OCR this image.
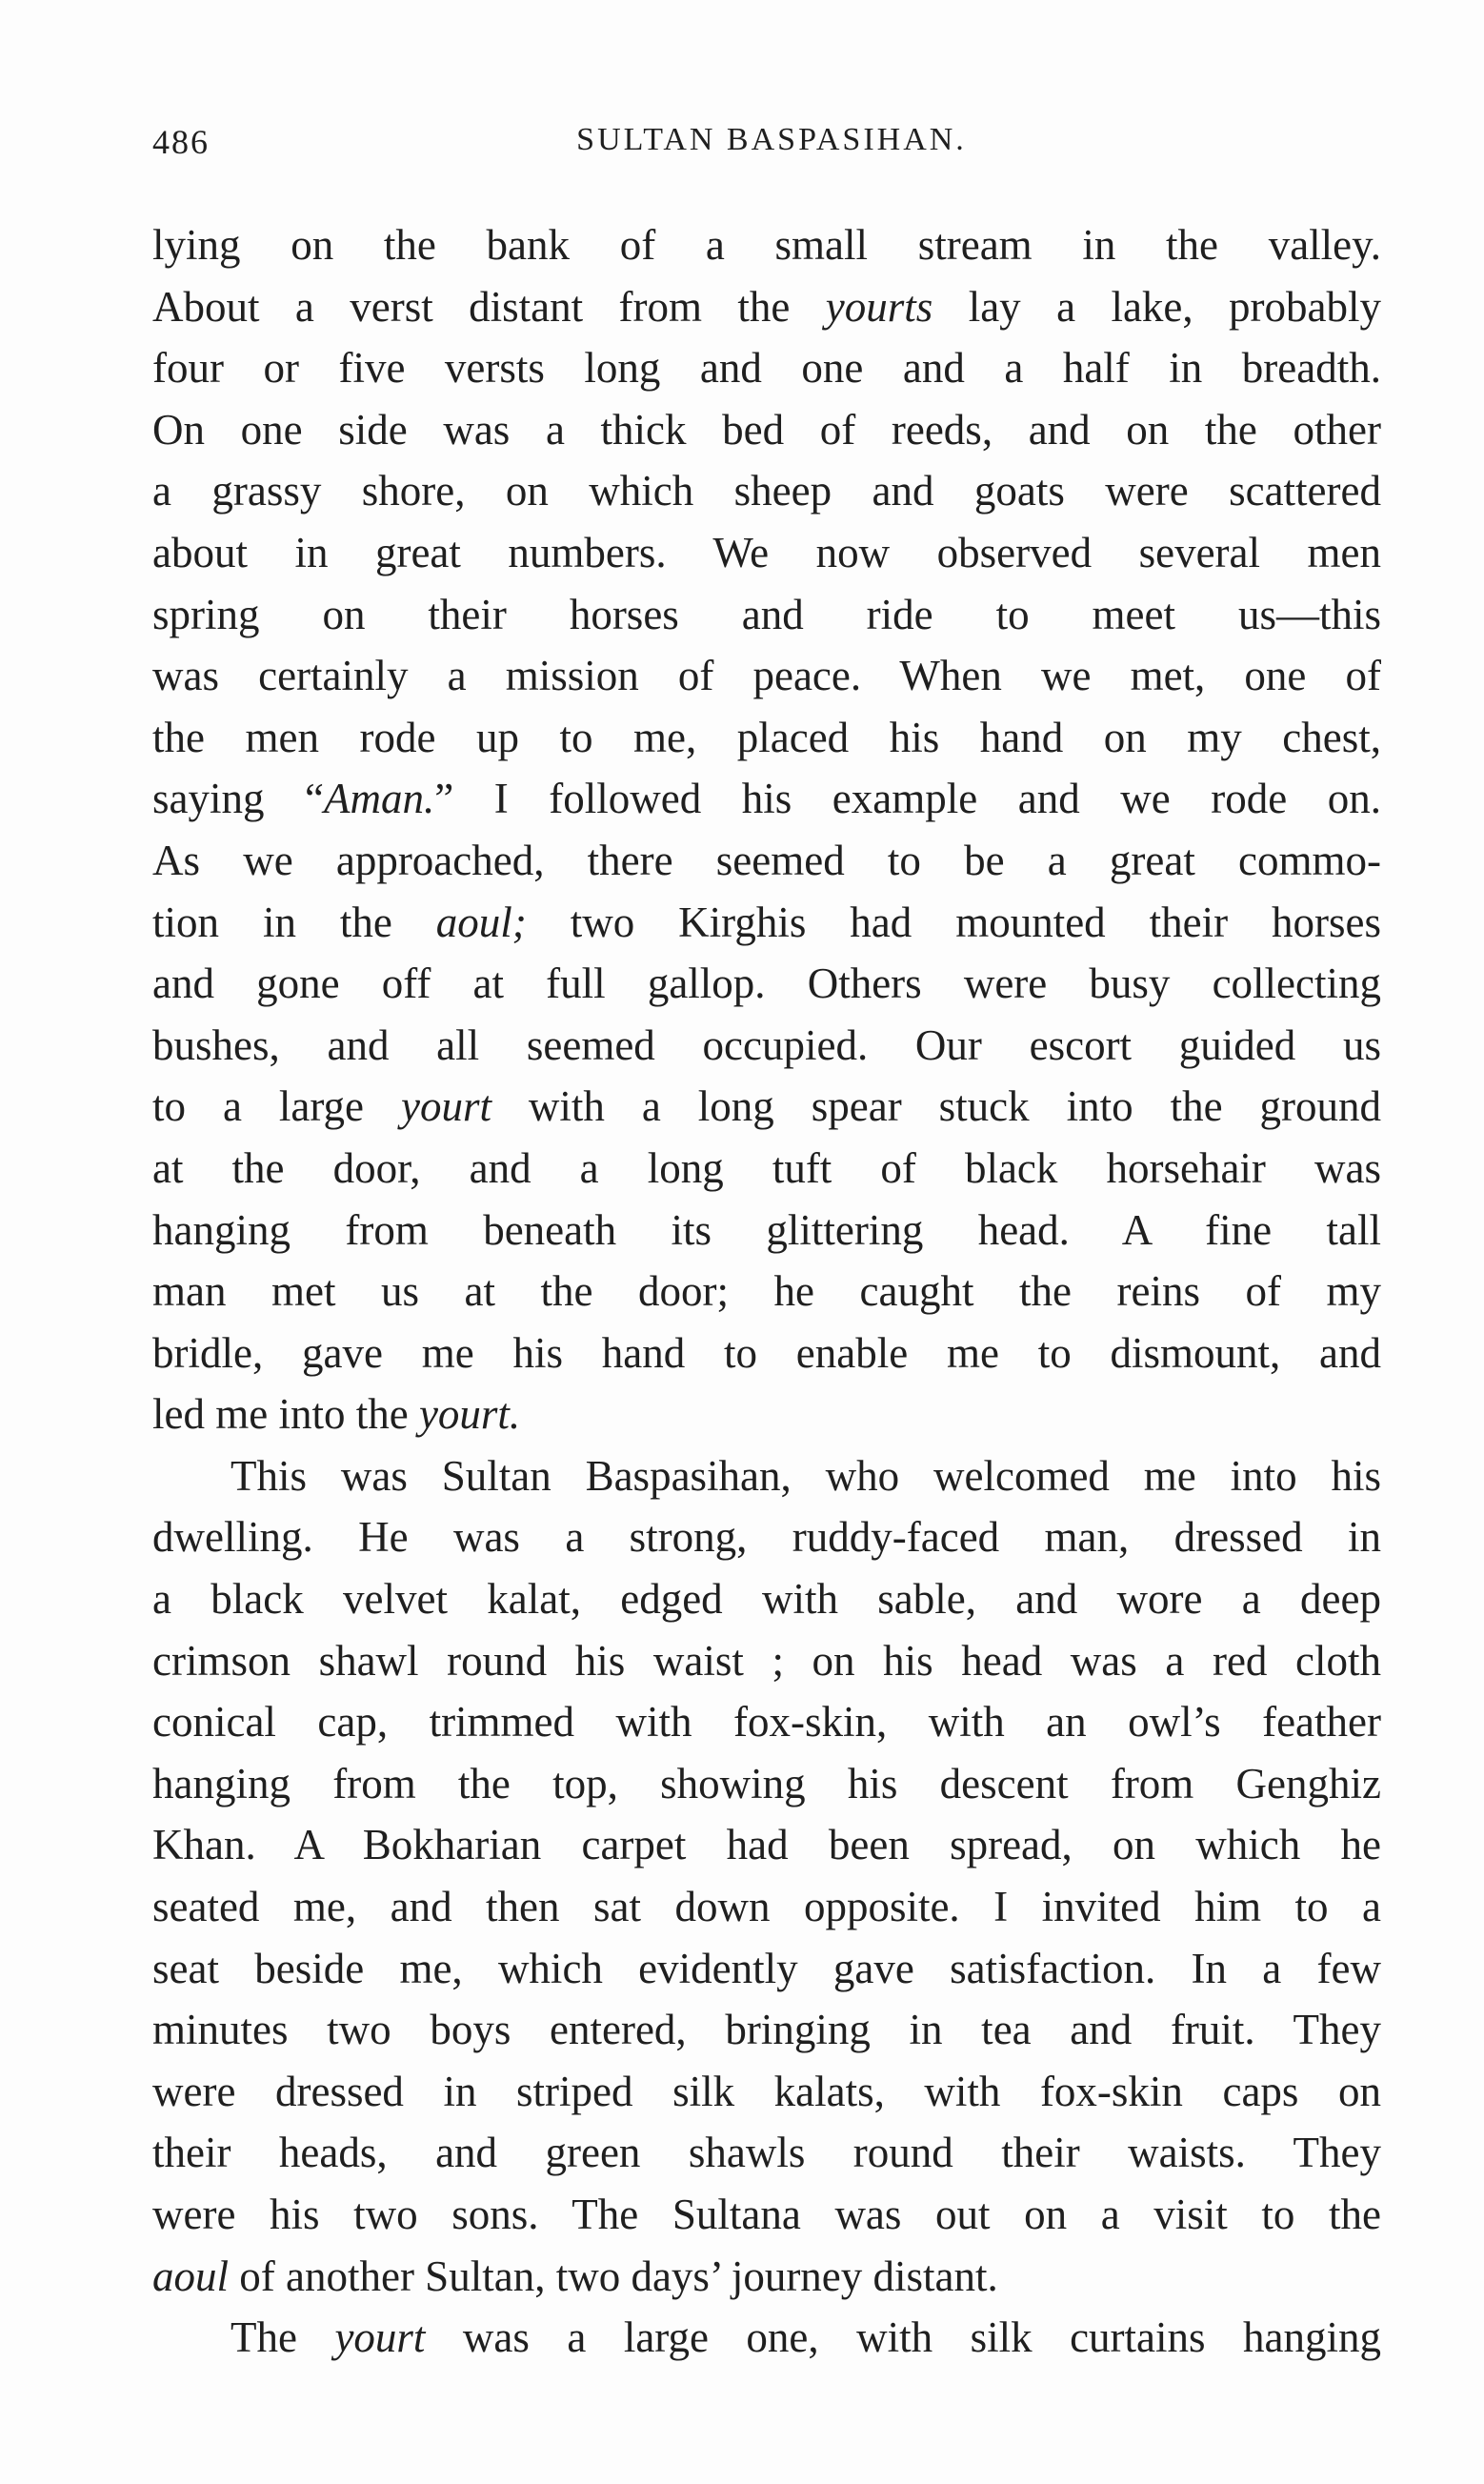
486	SULTAN BASPASIHAN.
lying on the bank of a small stream in the valley.
About a verst distant from the yourts lay a lake, probably
four or five versts long and one and a half in breadth.
On one side was a thick bed of reeds, and on the other
a grassy shore, on which sheep and goats were scattered
about in great numbers. We now observed several men
spring on their horses and ride to meet us—this
was certainly a mission of peace. When we met, one of
the men rode up to me, placed his hand on my chest,
saying “Aman.” I followed his example and we rode on.
As we approached, there seemed to be a great commo-
tion in the aoul; two Kirghis had mounted their horses
and gone off at full gallop. Others were busy collecting
bushes, and all seemed occupied. Our escort guided us
to a large yourt with a long spear stuck into the ground
at the door, and a long tuft of black horsehair was
hanging from beneath its glittering head. A fine tall
man met us at the door; he caught the reins of my
bridle, gave me his hand to enable me to dismount, and
led me into the yourt.
This was Sultan Baspasihan, who welcomed me into his
dwelling. He was a strong, ruddy-faced man, dressed in
a black velvet kalat, edged with sable, and wore a deep
crimson shawl round his waist ; on his head was a red cloth
conical cap, trimmed with fox-skin, with an owl’s feather
hanging from the top, showing his descent from Genghiz
Khan. A Bokharian carpet had been spread, on which he
seated me, and then sat down opposite. I invited him to a
seat beside me, which evidently gave satisfaction. In a few
minutes two boys entered, bringing in tea and fruit. They
were dressed in striped silk kalats, with fox-skin caps on
their heads, and green shawls round their waists. They
were his two sons. The Sultana was out on a visit to the
aoul of another Sultan, two days’ journey distant.
The yourt was a large one, with silk curtains hanging
